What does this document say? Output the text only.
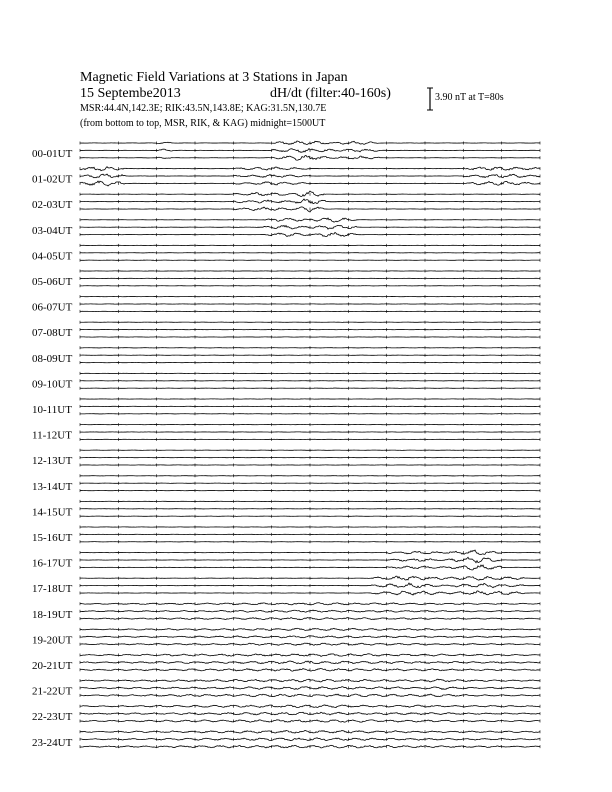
Magnetic Field Variations at 3 Stations in Japan
15 Septembe2013	dH/dt (filter:40-160s)
MSR:44.4N,142.3E; RIK:43.5N,143.8E; KAG:31.5N,130.7E
(from bottom to top, MSR, RIK, & KAG) midnight=1500UT
3.90 nT at T=80s
00-01UT
01-02UT
02-03UT
03-04UT
04-05UT
05-06UT
06-07UT
07-08UT
08-09UT
09-10UT
10-11UT
11-12UT
12-13UT
13-14UT
14-15UT
15-16UT
16-17UT
17-18UT
18-19UT
19-20UT
20-21UT
21-22UT
22-23UT
23-24UT
